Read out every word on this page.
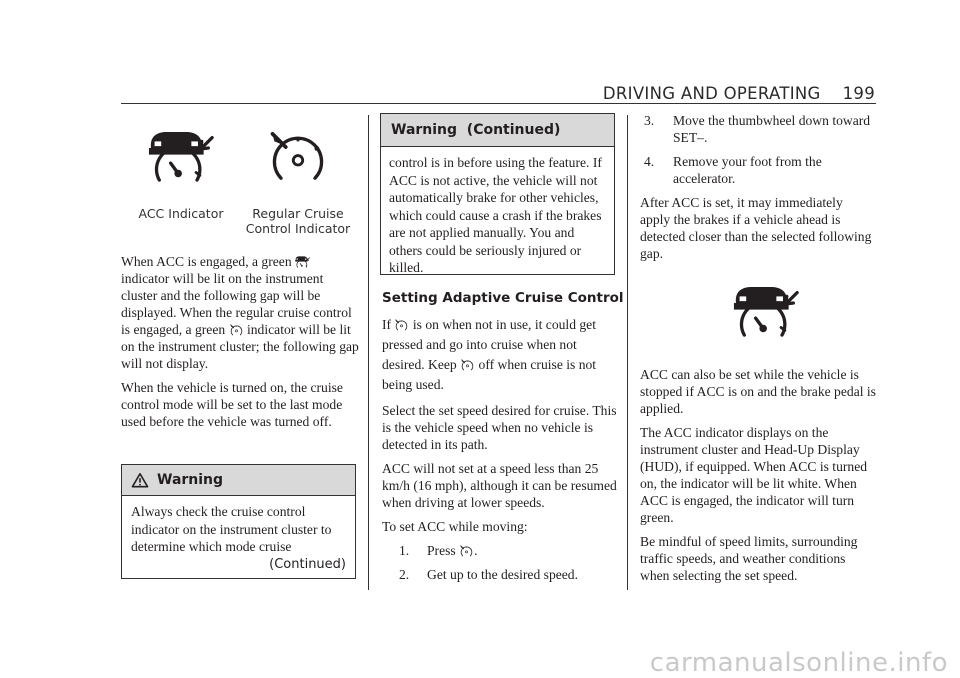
DRIVING AND OPERATING 199
ACC Indicator	Regular Cruise
Control Indicator

When ACC is engaged, a green  indicator will be lit on the instrument cluster and the following gap will be displayed. When the regular cruise control is engaged, a green indicator will be lit on the instrument cluster; the following gap will not display.

When the vehicle is turned on, the cruise control mode will be set to the last mode used before the vehicle was turned off.

Warning
Always check the cruise control indicator on the instrument cluster to determine which mode cruise
(Continued)
Warning  (Continued)
control is in before using the feature. If ACC is not active, the vehicle will not automatically brake for other vehicles, which could cause a crash if the brakes are not applied manually. You and others could be seriously injured or killed.
Setting Adaptive Cruise Control

If is on when not in use, it could get pressed and go into cruise when not desired. Keep off when cruise is not being used.

Select the set speed desired for cruise. This is the vehicle speed when no vehicle is detected in its path.

ACC will not set at a speed less than 25 km/h (16 mph), although it can be resumed when driving at lower speeds.

To set ACC while moving:

1. Press .
2. Get up to the desired speed.
3. Move the thumbwheel down toward SET–.
4. Remove your foot from the accelerator.

After ACC is set, it may immediately apply the brakes if a vehicle ahead is detected closer than the selected following gap.

ACC can also be set while the vehicle is stopped if ACC is on and the brake pedal is applied.

The ACC indicator displays on the instrument cluster and Head-Up Display (HUD), if equipped. When ACC is turned on, the indicator will be lit white. When ACC is engaged, the indicator will turn green.

Be mindful of speed limits, surrounding traffic speeds, and weather conditions when selecting the set speed.

carmanualsonline.info
